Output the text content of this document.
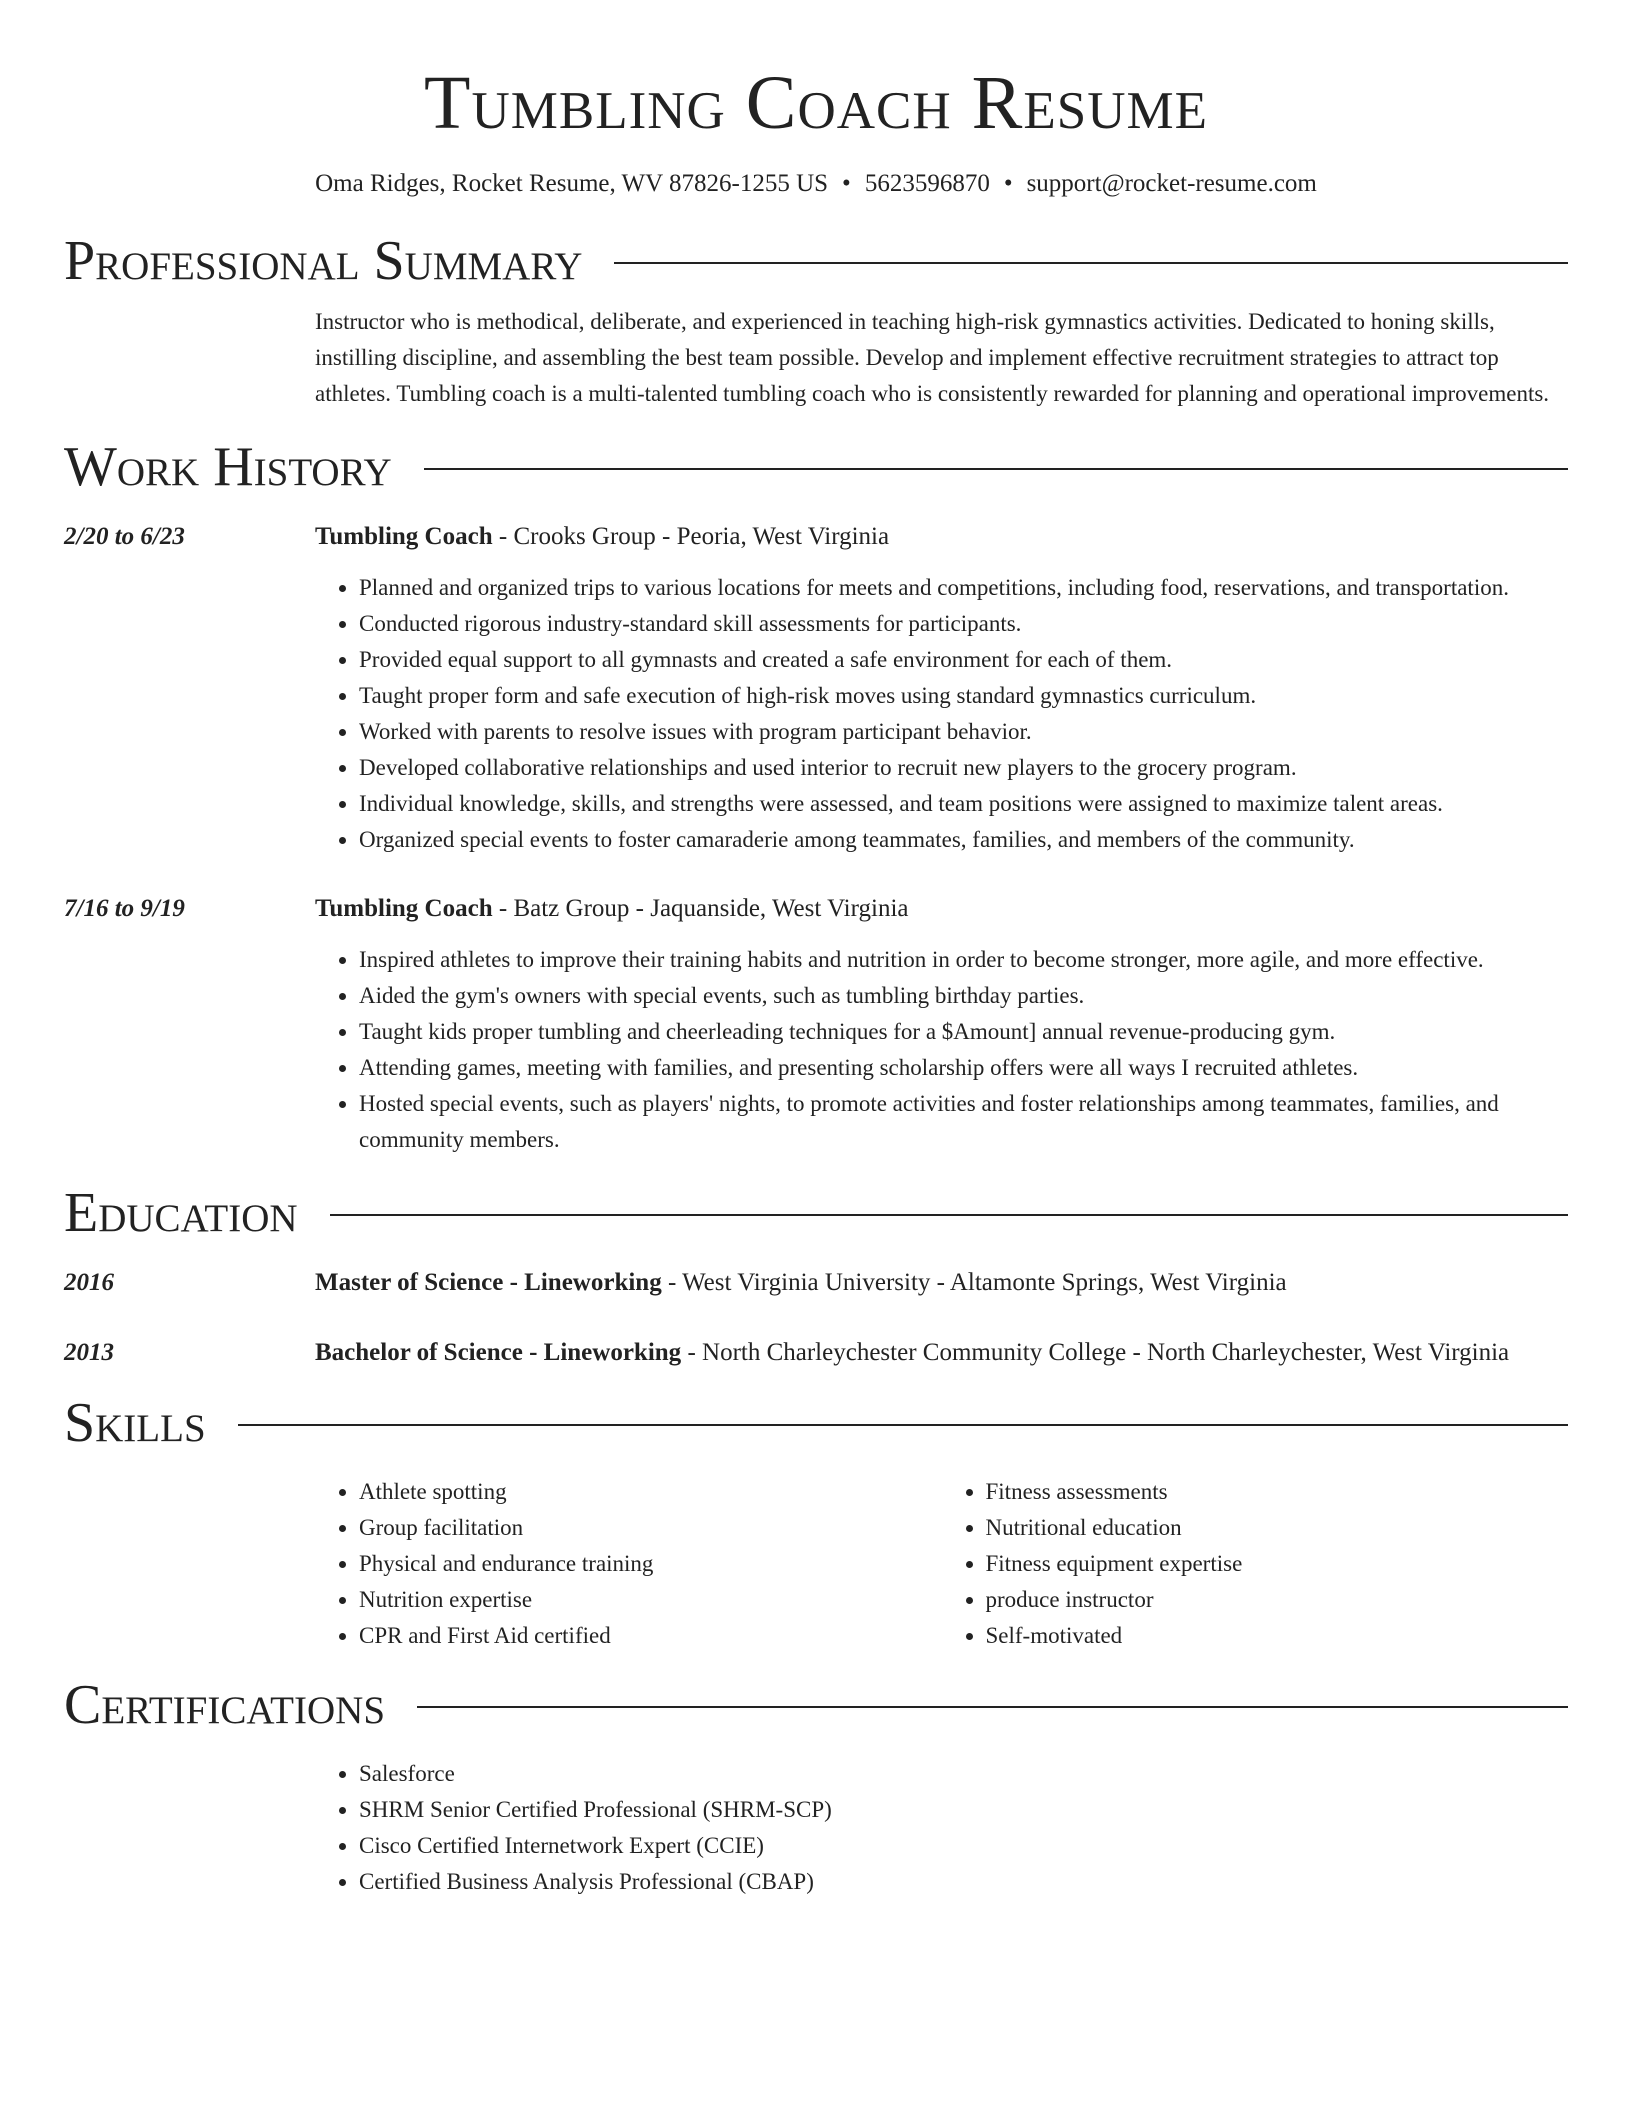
Tumbling Coach Resume
Oma Ridges, Rocket Resume, WV 87826-1255 US • 5623596870 • support@rocket-resume.com
Professional Summary

Instructor who is methodical, deliberate, and experienced in teaching high-risk gymnastics activities. Dedicated to honing skills, instilling discipline, and assembling the best team possible. Develop and implement effective recruitment strategies to attract top athletes. Tumbling coach is a multi-talented tumbling coach who is consistently rewarded for planning and operational improvements.

Work History
2/20 to 6/23	Tumbling Coach - Crooks Group - Peoria, West Virginia
• Planned and organized trips to various locations for meets and competitions, including food, reservations, and transportation.
• Conducted rigorous industry-standard skill assessments for participants.
• Provided equal support to all gymnasts and created a safe environment for each of them.
• Taught proper form and safe execution of high-risk moves using standard gymnastics curriculum.
• Worked with parents to resolve issues with program participant behavior.
• Developed collaborative relationships and used interior to recruit new players to the grocery program.
• Individual knowledge, skills, and strengths were assessed, and team positions were assigned to maximize talent areas.
• Organized special events to foster camaraderie among teammates, families, and members of the community.
7/16 to 9/19	Tumbling Coach - Batz Group - Jaquanside, West Virginia
• Inspired athletes to improve their training habits and nutrition in order to become stronger, more agile, and more effective.
• Aided the gym's owners with special events, such as tumbling birthday parties.
• Taught kids proper tumbling and cheerleading techniques for a $Amount] annual revenue-producing gym.
• Attending games, meeting with families, and presenting scholarship offers were all ways I recruited athletes.
• Hosted special events, such as players' nights, to promote activities and foster relationships among teammates, families, and community members.
Education
2016	Master of Science - Lineworking - West Virginia University - Altamonte Springs, West Virginia
2013	Bachelor of Science - Lineworking - North Charleychester Community College - North Charleychester, West Virginia
Skills
• Athlete spotting
• Group facilitation
• Physical and endurance training
• Nutrition expertise
• CPR and First Aid certified
• Fitness assessments
• Nutritional education
• Fitness equipment expertise
• produce instructor
• Self-motivated
Certifications
• Salesforce
• SHRM Senior Certified Professional (SHRM-SCP)
• Cisco Certified Internetwork Expert (CCIE)
• Certified Business Analysis Professional (CBAP)
